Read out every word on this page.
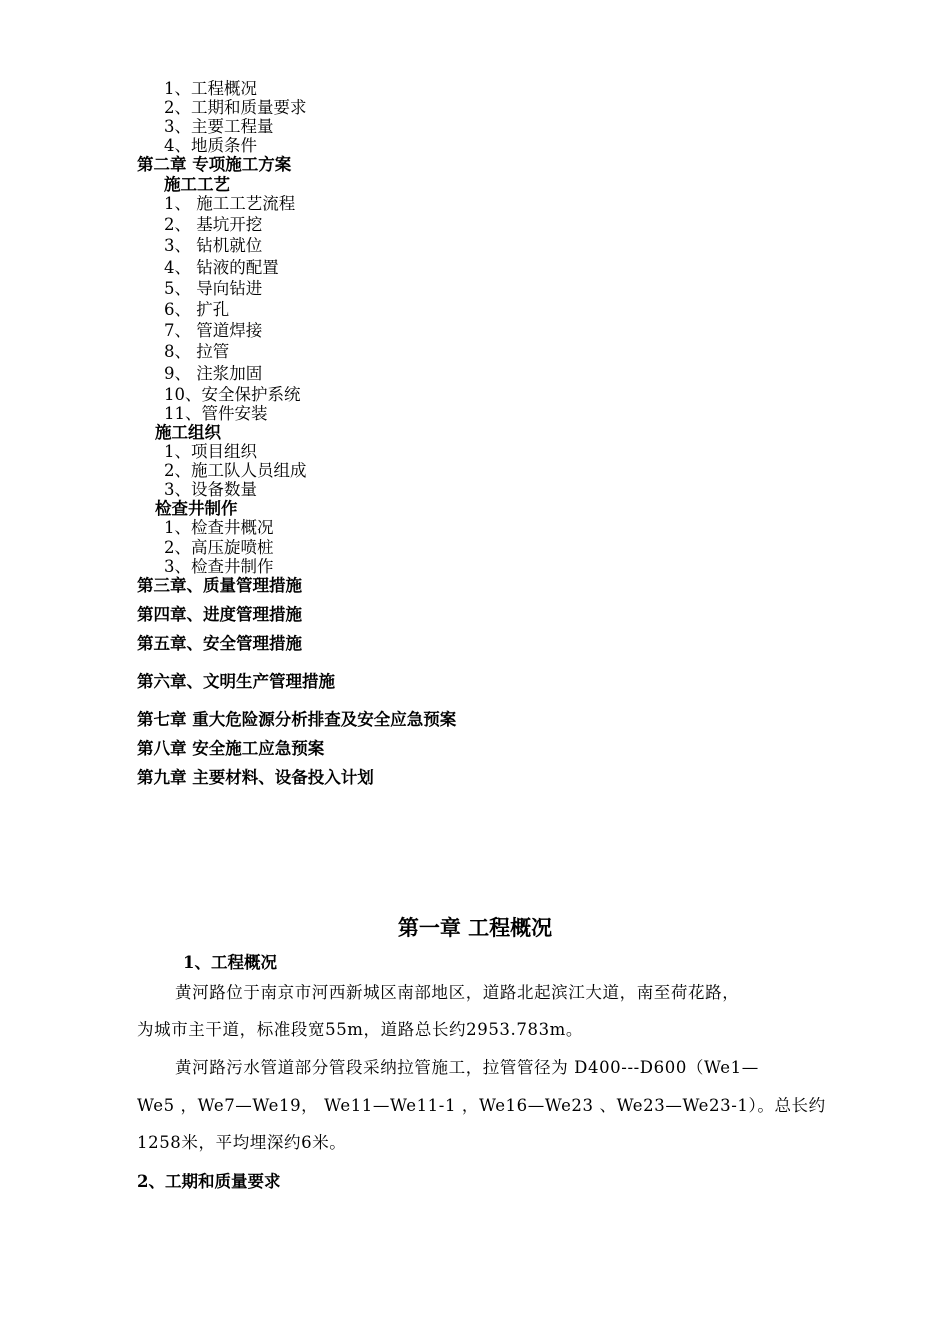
1、工程概况
2、工期和质量要求
3、主要工程量
4、地质条件
第二章 专项施工方案
施工工艺
1、 施工工艺流程
2、 基坑开挖
3、 钻机就位
4、 钻液的配置
5、 导向钻进
6、 扩孔
7、 管道焊接
8、 拉管
9、 注浆加固
10、安全保护系统
11、管件安装
施工组织
1、项目组织
2、施工队人员组成
3、设备数量
检查井制作
1、检查井概况
2、高压旋喷桩
3、检查井制作
第三章、质量管理措施
第四章、进度管理措施
第五章、安全管理措施
第六章、文明生产管理措施
第七章 重大危险源分析排查及安全应急预案
第八章 安全施工应急预案
第九章 主要材料、设备投入计划
第一章 工程概况
1、工程概况
黄河路位于南京市河西新城区南部地区，道路北起滨江大道，南至荷花路，
为城市主干道，标准段宽55m，道路总长约2953.783m。
黄河路污水管道部分管段采纳拉管施工，拉管管径为 D400---D600（We1—
We5 ，We7—We19， We11—We11-1 ，We16—We23 、We23—We23-1）。总长约
1258米，平均埋深约6米。
2、工期和质量要求
